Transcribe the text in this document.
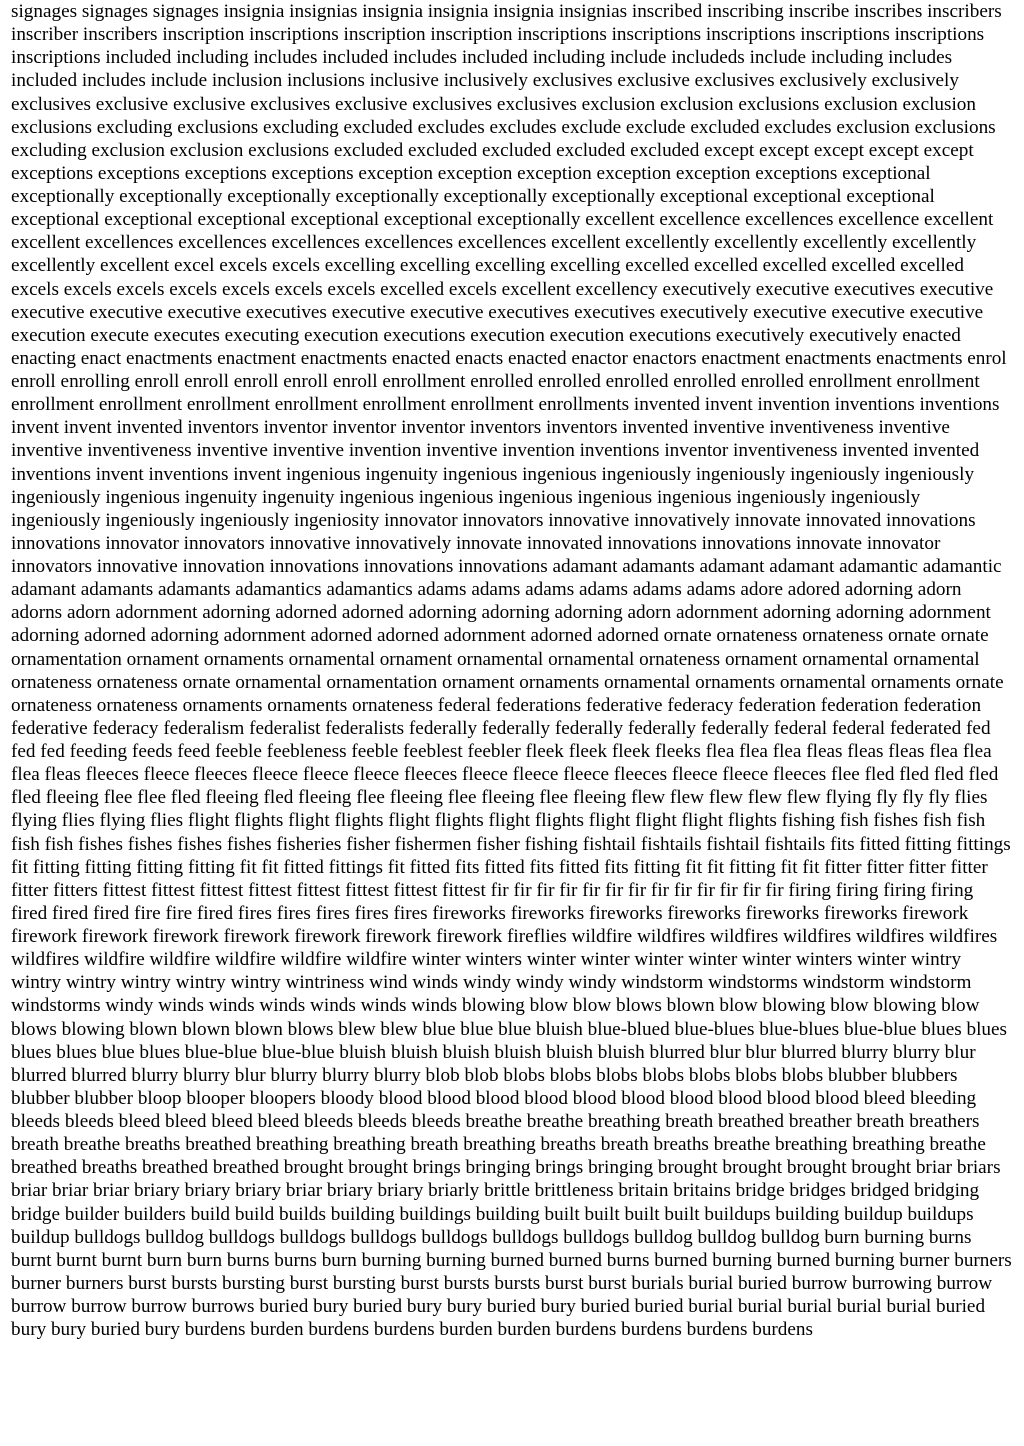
signages signages signages insignia insignias insignia insignia insignia insignias inscribed inscribing inscribe inscribes inscribers inscriber inscribers inscription inscriptions inscription inscription inscriptions inscriptions inscriptions inscriptions inscriptions inscriptions included including includes included includes included including include includeds include including includes included includes include inclusion inclusions inclusive inclusively exclusives exclusive exclusives exclusively exclusively exclusives exclusive exclusive exclusives exclusive exclusives exclusives exclusion exclusion exclusions exclusion exclusion exclusions excluding exclusions excluding excluded excludes excludes exclude exclude excluded excludes exclusion exclusions excluding exclusion exclusion exclusions excluded excluded excluded excluded excluded except except except except except exceptions exceptions exceptions exceptions exception exception exception exception exception exceptions exceptional exceptionally exceptionally exceptionally exceptionally exceptionally exceptionally exceptional exceptional exceptional exceptional exceptional exceptional exceptional exceptional exceptionally excellent excellence excellences excellence excellent excellent excellences excellences excellences excellences excellences excellent excellently excellently excellently excellently excellently excellent excel excels excels excelling excelling excelling excelling excelled excelled excelled excelled excelled excels excels excels excels excels excels excels excelled excels excellent excellency executively executive executives executive executive executive executive executives executive executive executives executives executively executive executive executive execution execute executes executing execution executions execution execution executions executively executively enacted enacting enact enactments enactment enactments enacted enacts enacted enactor enactors enactment enactments enactments enrol enroll enrolling enroll enroll enroll enroll enroll enrollment enrolled enrolled enrolled enrolled enrolled enrollment enrollment enrollment enrollment enrollment enrollment enrollment enrollment enrollments invented invent invention inventions inventions invent invent invented inventors inventor inventor inventor inventors inventors invented inventive inventiveness inventive inventive inventiveness inventive inventive invention inventive invention inventions inventor inventiveness invented invented inventions invent inventions invent ingenious ingenuity ingenious ingenious ingeniously ingeniously ingeniously ingeniously ingeniously ingenious ingenuity ingenuity ingenious ingenious ingenious ingenious ingenious ingeniously ingeniously ingeniously ingeniously ingeniously ingeniosity innovator innovators innovative innovatively innovate innovated innovations innovations innovator innovators innovative innovatively innovate innovated innovations innovations innovate innovator innovators innovative innovation innovations innovations innovations adamant adamants adamant adamant adamantic adamantic adamant adamants adamants adamantics adamantics adams adams adams adams adams adams adore adored adorning adorn adorns adorn adornment adorning adorned adorned adorning adorning adorning adorn adornment adorning adorning adornment adorning adorned adorning adornment adorned adorned adornment adorned adorned ornate ornateness ornateness ornate ornate ornamentation ornament ornaments ornamental ornament ornamental ornamental ornateness ornament ornamental ornamental ornateness ornateness ornate ornamental ornamentation ornament ornaments ornamental ornaments ornamental ornaments ornate ornateness ornateness ornaments ornaments ornateness federal federations federative federacy federation federation federation federative federacy federalism federalist federalists federally federally federally federally federally federal federal federated fed fed fed feeding feeds feed feeble feebleness feeble feeblest feebler fleek fleek fleek fleeks flea flea flea fleas fleas fleas flea flea flea fleas fleeces fleece fleeces fleece fleece fleece fleeces fleece fleece fleece fleeces fleece fleece fleeces flee fled fled fled fled fled fleeing flee flee fled fleeing fled fleeing flee fleeing flee fleeing flee fleeing flew flew flew flew flew flying fly fly fly flies flying flies flying flies flight flights flight flights flight flights flight flights flight flight flight flights fishing fish fishes fish fish fish fish fishes fishes fishes fishes fisheries fisher fishermen fisher fishing fishtail fishtails fishtail fishtails fits fitted fitting fittings fit fitting fitting fitting fitting fit fit fitted fittings fit fitted fits fitted fits fitted fits fitting fit fit fitting fit fit fitter fitter fitter fitter fitter fitters fittest fittest fittest fittest fittest fittest fittest fittest fir fir fir fir fir fir fir fir fir fir fir fir fir firing firing firing firing fired fired fired fire fire fired fires fires fires fires fires fireworks fireworks fireworks fireworks fireworks fireworks firework firework firework firework firework firework firework firework fireflies wildfire wildfires wildfires wildfires wildfires wildfires wildfires wildfire wildfire wildfire wildfire wildfire winter winters winter winter winter winter winter winters winter wintry wintry wintry wintry wintry wintry wintriness wind winds windy windy windy windstorm windstorms windstorm windstorm windstorms windy winds winds winds winds winds winds blowing blow blow blows blown blow blowing blow blowing blow blows blowing blown blown blown blows blew blew blue blue blue bluish blue-blued blue-blues blue-blues blue-blue blues blues blues blues blue blues blue-blue blue-blue bluish bluish bluish bluish bluish bluish blurred blur blur blurred blurry blurry blur blurred blurred blurry blurry blur blurry blurry blurry blob blob blobs blobs blobs blobs blobs blobs blobs blubber blubbers blubber blubber bloop blooper bloopers bloody blood blood blood blood blood blood blood blood blood blood bleed bleeding bleeds bleeds bleed bleed bleed bleed bleeds bleeds bleeds breathe breathe breathing breath breathed breather breath breathers breath breathe breaths breathed breathing breathing breath breathing breaths breath breaths breathe breathing breathing breathe breathed breaths breathed breathed brought brought brings bringing brings bringing brought brought brought brought briar briars briar briar briar briary briary briary briar briary briary briarly brittle brittleness britain britains bridge bridges bridged bridging bridge builder builders build build builds building buildings building built built built built buildups building buildup buildups buildup bulldogs bulldog bulldogs bulldogs bulldogs bulldogs bulldogs bulldogs bulldog bulldog bulldog burn burning burns burnt burnt burnt burn burn burns burns burn burning burning burned burned burns burned burning burned burning burner burners burner burners burst bursts bursting burst bursting burst bursts bursts burst burst burials burial buried burrow burrowing burrow burrow burrow burrow burrows buried bury buried bury bury buried bury buried buried burial burial burial burial burial buried bury bury buried bury burdens burden burdens burdens burden burden burdens burdens burdens burdens
